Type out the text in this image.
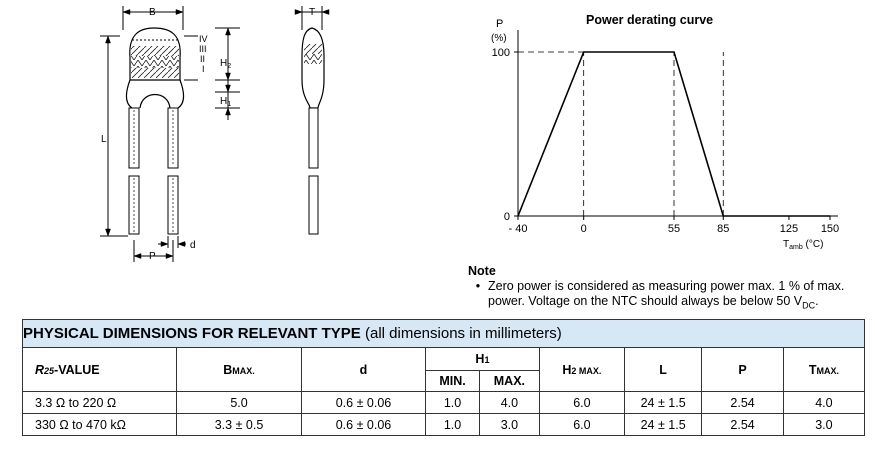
B	T
L
P
d
$H_2$
$H_1$
IV
III
II
I
Power derating curve
P
(%)
$T_{amb}$ (°C)
- 40	0	55	85	125 150
0
100
Note
• Zero power is considered as measuring power max. 1 % of max.
power. Voltage on the NTC should always be below 50 $V_{DC}$.
PHYSICAL DIMENSIONS FOR RELEVANT TYPE (all dimensions in millimeters)								
R25-VALUE	BMAX.	d	H1		H2 MAX.	L	P	TMAX.
			MIN.	MAX.				
3.3 Ω to 220 Ω	5.0	0.6 ± 0.06	1.0	4.0	6.0	24 ± 1.5	2.54	4.0
330 Ω to 470 kΩ	3.3 ± 0.5	0.6 ± 0.06	1.0	3.0	6.0	24 ± 1.5	2.54	3.0
